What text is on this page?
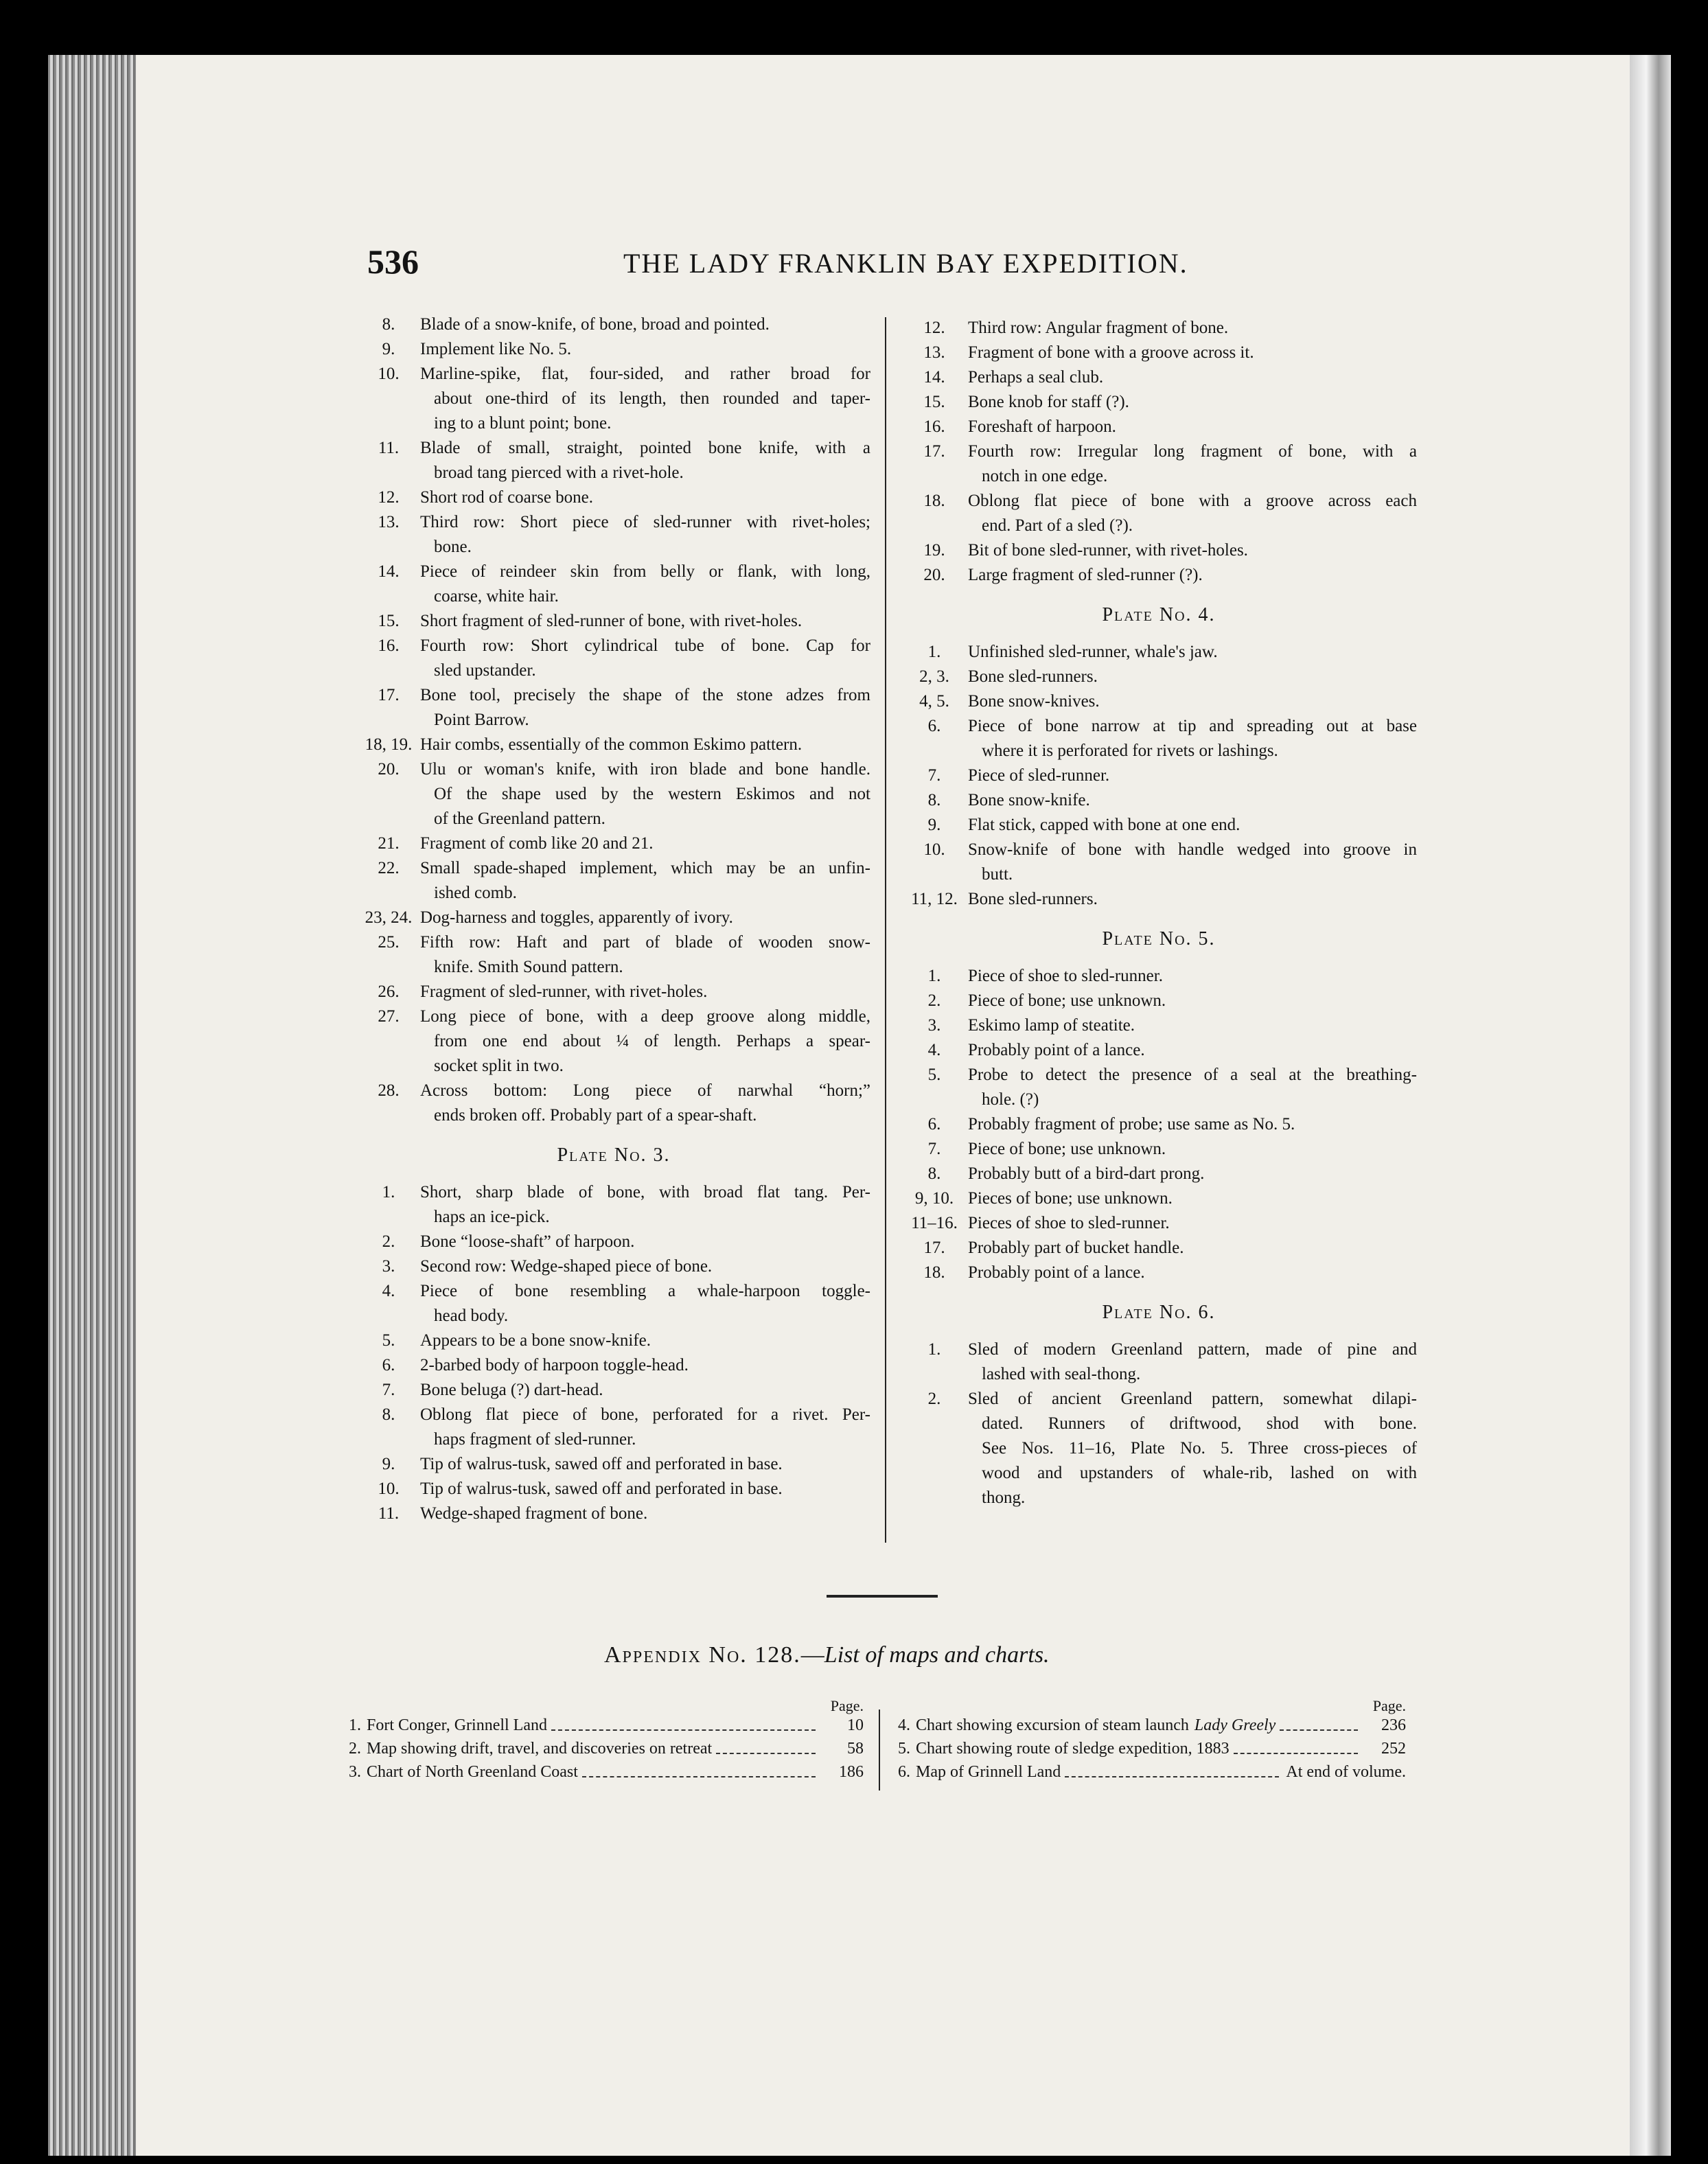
536	THE LADY FRANKLIN BAY EXPEDITION.
8.	Blade of a snow-knife, of bone, broad and pointed.
9.	Implement like No. 5.
10.	Marline-spike, flat, four-sided, and rather broad for
about one-third of its length, then rounded and taper-
ing to a blunt point; bone.
11.	Blade of small, straight, pointed bone knife, with a
broad tang pierced with a rivet-hole.
12.	Short rod of coarse bone.
13.	Third row: Short piece of sled-runner with rivet-holes;
bone.
14.	Piece of reindeer skin from belly or flank, with long,
coarse, white hair.
15.	Short fragment of sled-runner of bone, with rivet-holes.
16.	Fourth row: Short cylindrical tube of bone. Cap for
sled upstander.
17.	Bone tool, precisely the shape of the stone adzes from
Point Barrow.
18, 19. Hair combs, essentially of the common Eskimo pattern.
20.	Ulu or woman's knife, with iron blade and bone handle.
Of the shape used by the western Eskimos and not
of the Greenland pattern.
21.	Fragment of comb like 20 and 21.
22.	Small spade-shaped implement, which may be an unfin-
ished comb.
23, 24. Dog-harness and toggles, apparently of ivory.
25.	Fifth row: Haft and part of blade of wooden snow-
knife. Smith Sound pattern.
26.	Fragment of sled-runner, with rivet-holes.
27.	Long piece of bone, with a deep groove along middle,
from one end about ¼ of length. Perhaps a spear-
socket split in two.
28.	Across bottom: Long piece of narwhal “horn;”
ends broken off. Probably part of a spear-shaft.
Plate No. 3.
1.	Short, sharp blade of bone, with broad flat tang. Per-
haps an ice-pick.
2.	Bone “loose-shaft” of harpoon.
3.	Second row: Wedge-shaped piece of bone.
4.	Piece of bone resembling a whale-harpoon toggle-
head body.
5.	Appears to be a bone snow-knife.
6.	2-barbed body of harpoon toggle-head.
7.	Bone beluga (?) dart-head.
8.	Oblong flat piece of bone, perforated for a rivet. Per-
haps fragment of sled-runner.
9.	Tip of walrus-tusk, sawed off and perforated in base.
10.	Tip of walrus-tusk, sawed off and perforated in base.
11.	Wedge-shaped fragment of bone.
12.	Third row: Angular fragment of bone.
13.	Fragment of bone with a groove across it.
14.	Perhaps a seal club.
15.	Bone knob for staff (?).
16.	Foreshaft of harpoon.
17.	Fourth row: Irregular long fragment of bone, with a
notch in one edge.
18.	Oblong flat piece of bone with a groove across each
end. Part of a sled (?).
19.	Bit of bone sled-runner, with rivet-holes.
20.	Large fragment of sled-runner (?).
Plate No. 4.
1.	Unfinished sled-runner, whale's jaw.
2, 3.	Bone sled-runners.
4, 5.	Bone snow-knives.
6.	Piece of bone narrow at tip and spreading out at base
where it is perforated for rivets or lashings.
7.	Piece of sled-runner.
8.	Bone snow-knife.
9.	Flat stick, capped with bone at one end.
10.	Snow-knife of bone with handle wedged into groove in
butt.
11, 12. Bone sled-runners.
Plate No. 5.
1.	Piece of shoe to sled-runner.
2.	Piece of bone; use unknown.
3.	Eskimo lamp of steatite.
4.	Probably point of a lance.
5.	Probe to detect the presence of a seal at the breathing-
hole. (?)
6.	Probably fragment of probe; use same as No. 5.
7.	Piece of bone; use unknown.
8.	Probably butt of a bird-dart prong.
9, 10. Pieces of bone; use unknown.
11–16. Pieces of shoe to sled-runner.
17.	Probably part of bucket handle.
18.	Probably point of a lance.
Plate No. 6.
1.	Sled of modern Greenland pattern, made of pine and
lashed with seal-thong.
2.	Sled of ancient Greenland pattern, somewhat dilapi-
dated. Runners of driftwood, shod with bone.
See Nos. 11–16, Plate No. 5. Three cross-pieces of
wood and upstanders of whale-rib, lashed on with
thong.
Appendix No. 128.—List of maps and charts.
Page.
1. Fort Conger, Grinnell Land	10
2. Map showing drift, travel, and discoveries on retreat	58
3. Chart of North Greenland Coast	186
Page.
4. Chart showing excursion of steam launch Lady Greely	236
5. Chart showing route of sledge expedition, 1883	252
6. Map of Grinnell Land	At end of volume.
